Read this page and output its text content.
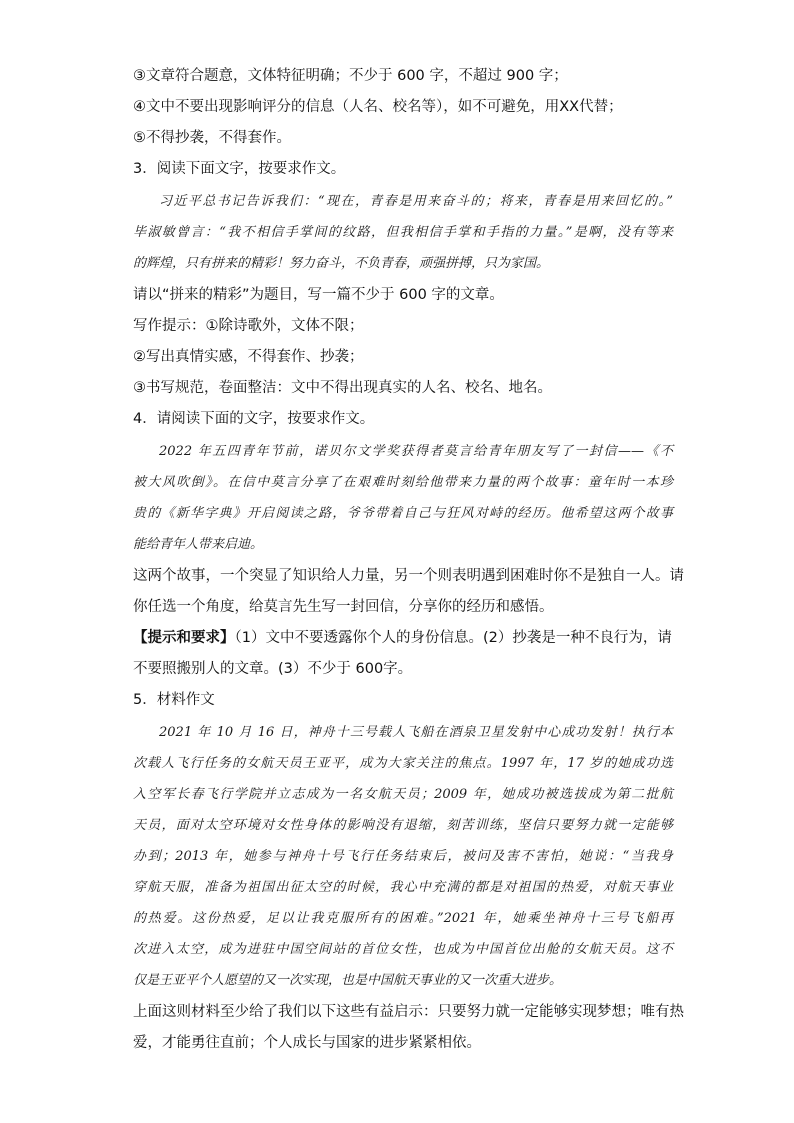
③文章符合题意，文体特征明确；不少于 600 字，不超过 900 字；
④文中不要出现影响评分的信息（人名、校名等），如不可避免，用XX代替；
⑤不得抄袭，不得套作。
3．阅读下面文字，按要求作文。
习近平总书记告诉我们：“现在，青春是用来奋斗的；将来，青春是用来回忆的。”
毕淑敏曾言：“我不相信手掌间的纹路，但我相信手掌和手指的力量。”是啊，没有等来
的辉煌，只有拼来的精彩！努力奋斗，不负青春，顽强拼搏，只为家国。
请以“拼来的精彩”为题目，写一篇不少于 600 字的文章。
写作提示：①除诗歌外，文体不限；
②写出真情实感，不得套作、抄袭；
③书写规范，卷面整洁：文中不得出现真实的人名、校名、地名。
4．请阅读下面的文字，按要求作文。
2022 年五四青年节前，诺贝尔文学奖获得者莫言给青年朋友写了一封信——《不
被大风吹倒》。在信中莫言分享了在艰难时刻给他带来力量的两个故事：童年时一本珍
贵的《新华字典》开启阅读之路，爷爷带着自己与狂风对峙的经历。他希望这两个故事
能给青年人带来启迪。
这两个故事，一个突显了知识给人力量，另一个则表明遇到困难时你不是独自一人。请
你任选一个角度，给莫言先生写一封回信，分享你的经历和感悟。
【提示和要求】（1）文中不要透露你个人的身份信息。(2）抄袭是一种不良行为，请
不要照搬别人的文章。(3）不少于 600字。
5．材料作文
2021 年 10 月 16 日，神舟十三号载人飞船在酒泉卫星发射中心成功发射！执行本
次载人飞行任务的女航天员王亚平，成为大家关注的焦点。1997 年，17 岁的她成功选
入空军长春飞行学院并立志成为一名女航天员；2009 年，她成功被选拔成为第二批航
天员，面对太空环境对女性身体的影响没有退缩，刻苦训练，坚信只要努力就一定能够
办到；2013 年，她参与神舟十号飞行任务结束后，被问及害不害怕，她说：“当我身
穿航天服，准备为祖国出征太空的时候，我心中充满的都是对祖国的热爱，对航天事业
的热爱。这份热爱，足以让我克服所有的困难。”2021 年，她乘坐神舟十三号飞船再
次进入太空，成为进驻中国空间站的首位女性，也成为中国首位出舱的女航天员。这不
仅是王亚平个人愿望的又一次实现，也是中国航天事业的又一次重大进步。
上面这则材料至少给了我们以下这些有益启示：只要努力就一定能够实现梦想；唯有热
爱，才能勇往直前；个人成长与国家的进步紧紧相依。
